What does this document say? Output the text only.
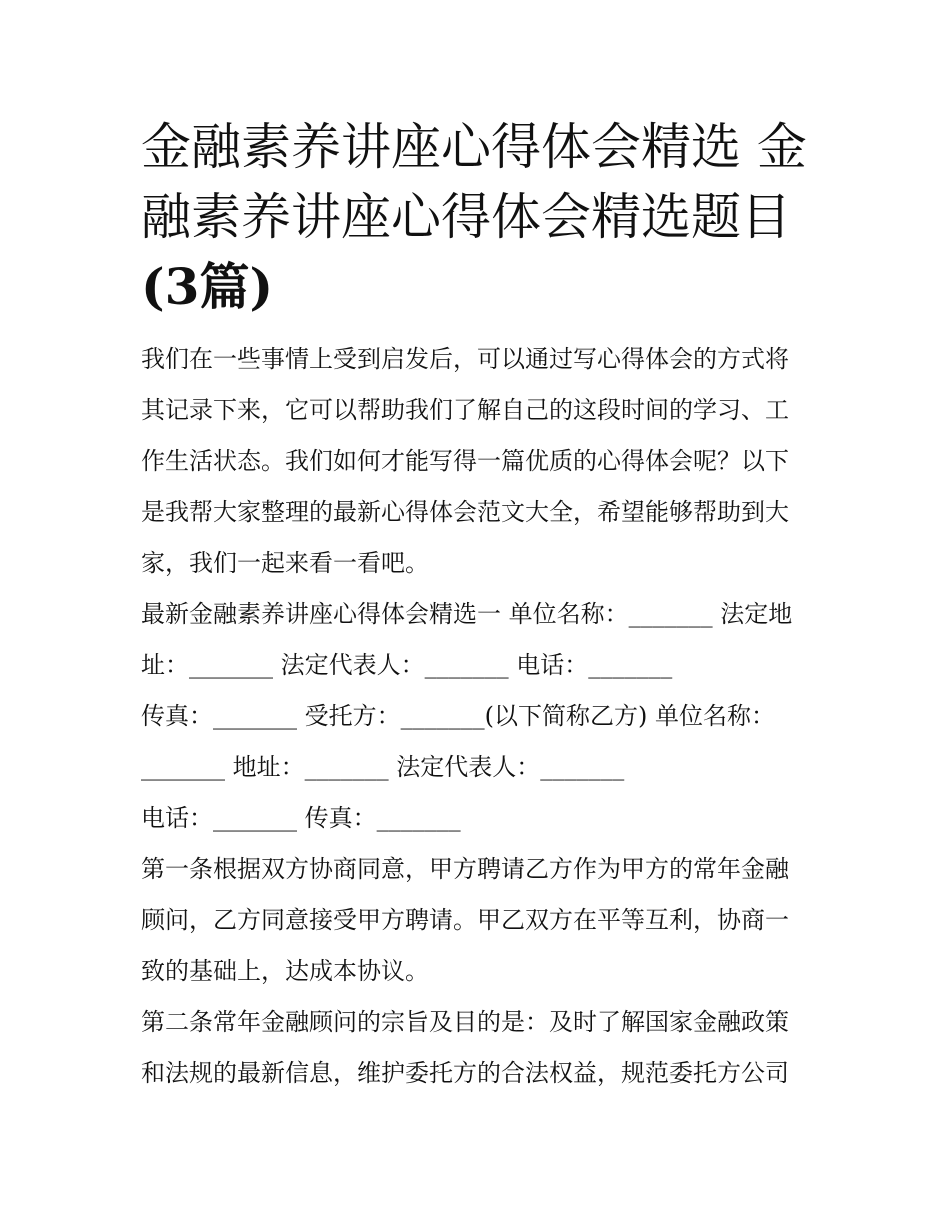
金融素养讲座心得体会精选 金
融素养讲座心得体会精选题目
(3篇)

我们在一些事情上受到启发后，可以通过写心得体会的方式将
其记录下来，它可以帮助我们了解自己的这段时间的学习、工
作生活状态。我们如何才能写得一篇优质的心得体会呢？以下
是我帮大家整理的最新心得体会范文大全，希望能够帮助到大
家，我们一起来看一看吧。

最新金融素养讲座心得体会精选一 单位名称：_______ 法定地
址：_______ 法定代表人：_______ 电话：_______
传真：_______ 受托方：_______(以下简称乙方) 单位名称：
_______ 地址：_______ 法定代表人：_______
电话：_______ 传真：_______

第一条根据双方协商同意，甲方聘请乙方作为甲方的常年金融
顾问，乙方同意接受甲方聘请。甲乙双方在平等互利，协商一
致的基础上，达成本协议。

第二条常年金融顾问的宗旨及目的是：及时了解国家金融政策
和法规的最新信息，维护委托方的合法权益，规范委托方公司
